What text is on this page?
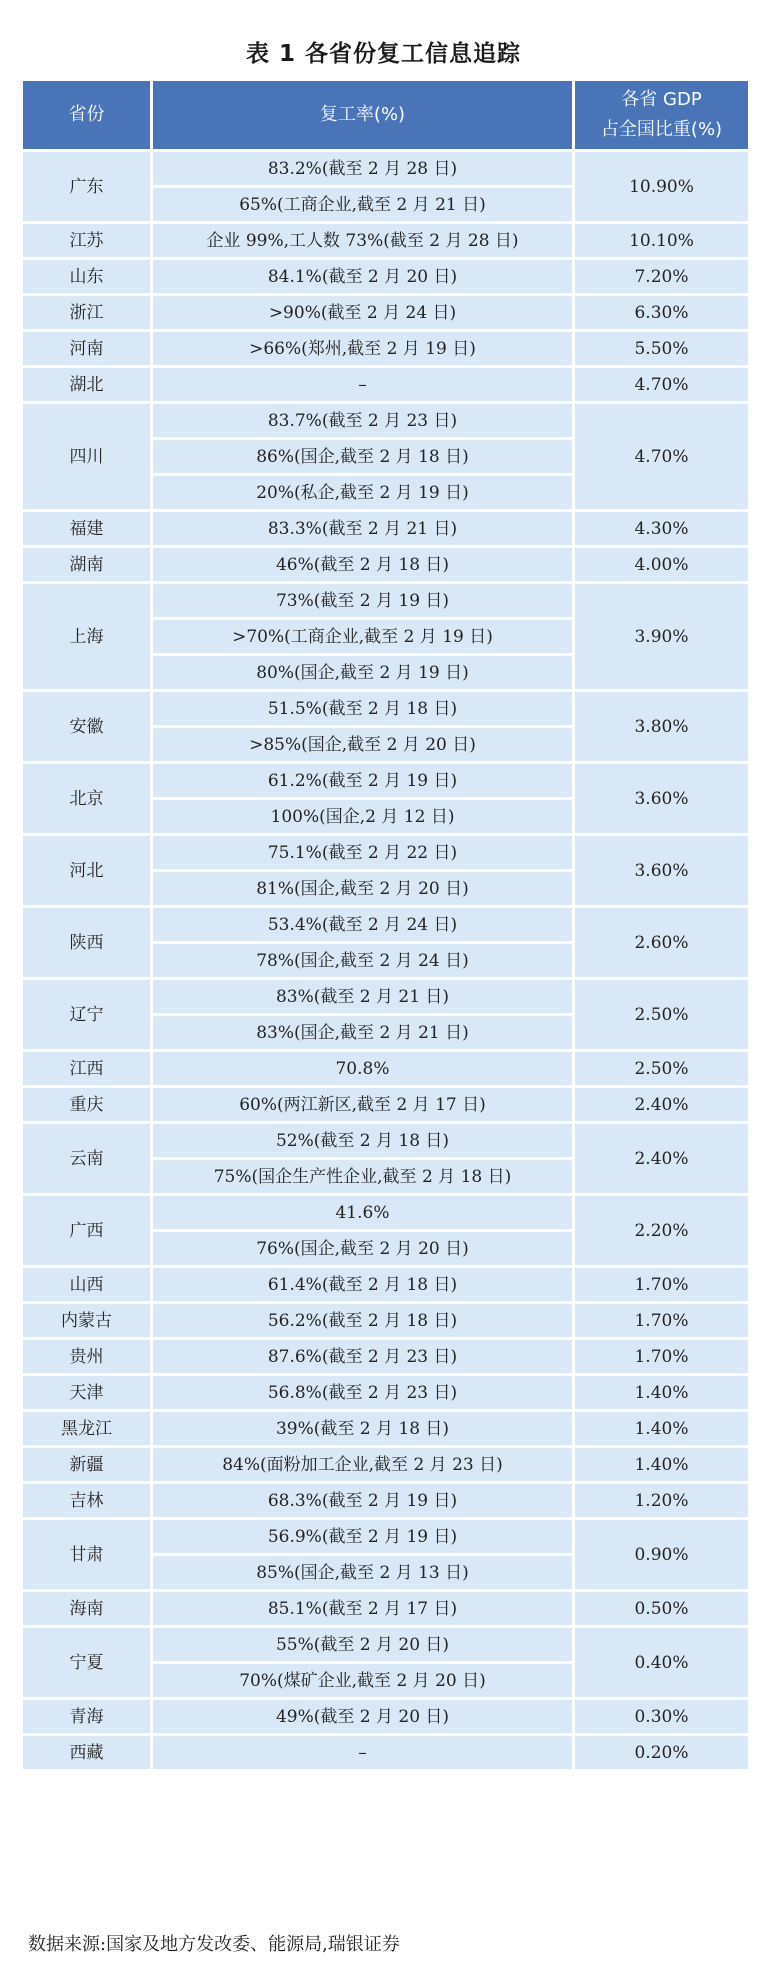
表 1 各省份复工信息追踪
省份	复工率(%)	各省 GDP
占全国比重(%)

广东	83.2%(截至 2 月 28 日)	10.90%
	65%(工商企业,截至 2 月 21 日)	
江苏	企业 99%,工人数 73%(截至 2 月 28 日)	10.10%
山东	84.1%(截至 2 月 20 日)	7.20%
浙江	>90%(截至 2 月 24 日)	6.30%
河南	>66%(郑州,截至 2 月 19 日)	5.50%
湖北	–	4.70%
四川	83.7%(截至 2 月 23 日)	4.70%
	86%(国企,截至 2 月 18 日)	
	20%(私企,截至 2 月 19 日)	
福建	83.3%(截至 2 月 21 日)	4.30%
湖南	46%(截至 2 月 18 日)	4.00%
上海	73%(截至 2 月 19 日)	3.90%
	>70%(工商企业,截至 2 月 19 日)	
	80%(国企,截至 2 月 19 日)	
安徽	51.5%(截至 2 月 18 日)	3.80%
	>85%(国企,截至 2 月 20 日)	
北京	61.2%(截至 2 月 19 日)	3.60%
	100%(国企,2 月 12 日)	
河北	75.1%(截至 2 月 22 日)	3.60%
	81%(国企,截至 2 月 20 日)	
陕西	53.4%(截至 2 月 24 日)	2.60%
	78%(国企,截至 2 月 24 日)	
辽宁	83%(截至 2 月 21 日)	2.50%
	83%(国企,截至 2 月 21 日)	
江西	70.8%	2.50%
重庆	60%(两江新区,截至 2 月 17 日)	2.40%
云南	52%(截至 2 月 18 日)	2.40%
	75%(国企生产性企业,截至 2 月 18 日)	
广西	41.6%	2.20%
	76%(国企,截至 2 月 20 日)	
山西	61.4%(截至 2 月 18 日)	1.70%
内蒙古	56.2%(截至 2 月 18 日)	1.70%
贵州	87.6%(截至 2 月 23 日)	1.70%
天津	56.8%(截至 2 月 23 日)	1.40%
黑龙江	39%(截至 2 月 18 日)	1.40%
新疆	84%(面粉加工企业,截至 2 月 23 日)	1.40%
吉林	68.3%(截至 2 月 19 日)	1.20%
甘肃	56.9%(截至 2 月 19 日)	0.90%
	85%(国企,截至 2 月 13 日)	
海南	85.1%(截至 2 月 17 日)	0.50%
宁夏	55%(截至 2 月 20 日)	0.40%
	70%(煤矿企业,截至 2 月 20 日)	
青海	49%(截至 2 月 20 日)	0.30%
西藏	–	0.20%
数据来源:国家及地方发改委、能源局,瑞银证券
